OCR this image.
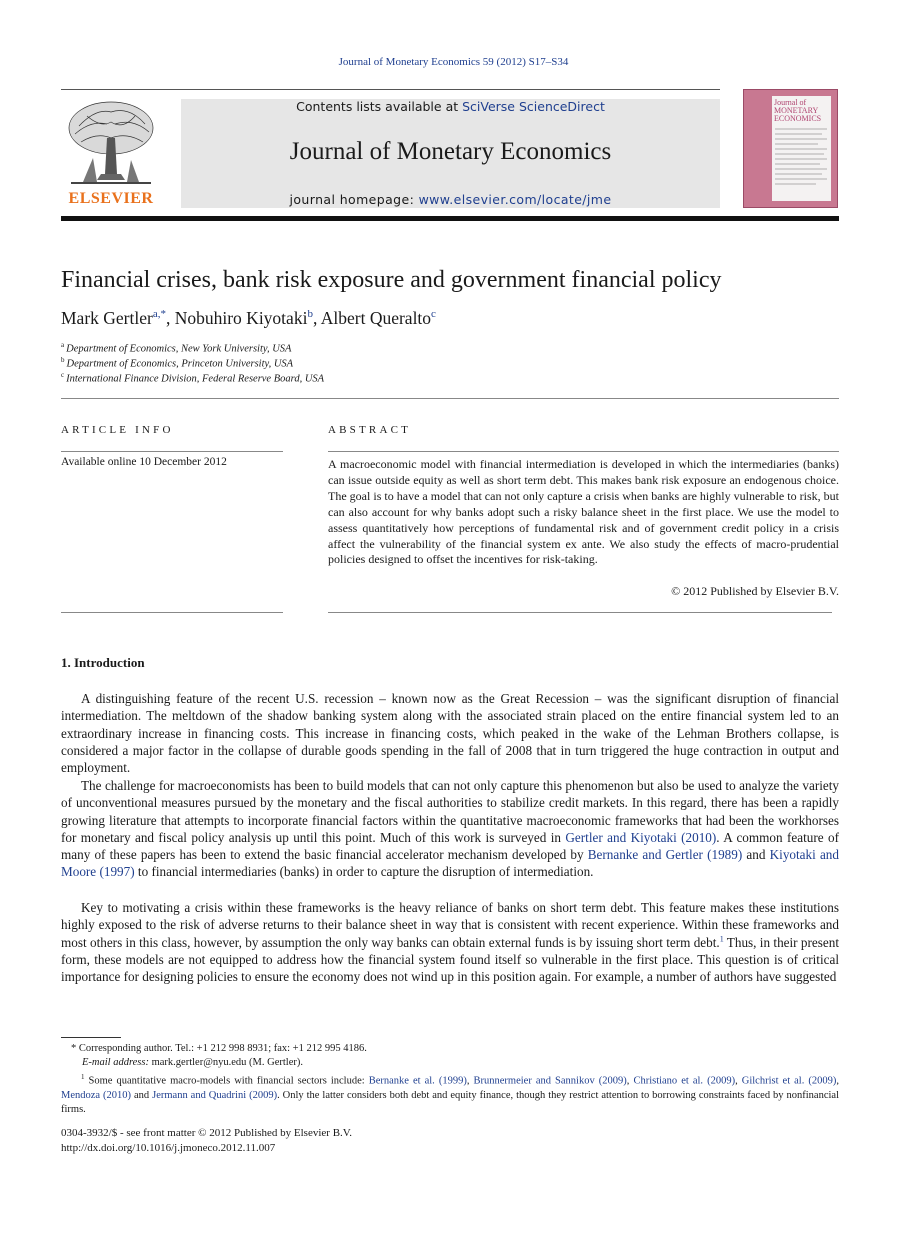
Journal of Monetary Economics 59 (2012) S17–S34
ELSEVIER
Contents lists available at SciVerse ScienceDirect
Journal of Monetary Economics
journal homepage: www.elsevier.com/locate/jme
Journal of
MONETARY
ECONOMICS
Financial crises, bank risk exposure and government financial policy
Mark Gertler$^{a,*}$, Nobuhiro Kiyotaki$^b$, Albert Queralto$^c$
$^a$ Department of Economics, New York University, USA
$^b$ Department of Economics, Princeton University, USA
$^c$ International Finance Division, Federal Reserve Board, USA
ARTICLE INFO	ABSTRACT
Available online 10 December 2012	A macroeconomic model with financial intermediation is developed in which the intermediaries (banks) can issue outside equity as well as short term debt. This makes bank risk exposure an endogenous choice. The goal is to have a model that can not only capture a crisis when banks are highly vulnerable to risk, but can also account for why banks adopt such a risky balance sheet in the first place. We use the model to assess quantitatively how perceptions of fundamental risk and of government credit policy in a crisis affect the vulnerability of the financial system ex ante. We also study the effects of macro-prudential policies designed to offset the incentives for risk-taking.
© 2012 Published by Elsevier B.V.
1. Introduction

A distinguishing feature of the recent U.S. recession – known now as the Great Recession – was the significant disruption of financial intermediation. The meltdown of the shadow banking system along with the associated strain placed on the entire financial system led to an extraordinary increase in financing costs. This increase in financing costs, which peaked in the wake of the Lehman Brothers collapse, is considered a major factor in the collapse of durable goods spending in the fall of 2008 that in turn triggered the huge contraction in output and employment.

The challenge for macroeconomists has been to build models that can not only capture this phenomenon but also be used to analyze the variety of unconventional measures pursued by the monetary and the fiscal authorities to stabilize credit markets. In this regard, there has been a rapidly growing literature that attempts to incorporate financial factors within the quantitative macroeconomic frameworks that had been the workhorses for monetary and fiscal policy analysis up until this point. Much of this work is surveyed in Gertler and Kiyotaki (2010). A common feature of many of these papers has been to extend the basic financial accelerator mechanism developed by Bernanke and Gertler (1989) and Kiyotaki and Moore (1997) to financial intermediaries (banks) in order to capture the disruption of intermediation.

Key to motivating a crisis within these frameworks is the heavy reliance of banks on short term debt. This feature makes these institutions highly exposed to the risk of adverse returns to their balance sheet in way that is consistent with recent experience. Within these frameworks and most others in this class, however, by assumption the only way banks can obtain external funds is by issuing short term debt.$^1$ Thus, in their present form, these models are not equipped to address how the financial system found itself so vulnerable in the first place. This question is of critical importance for designing policies to ensure the economy does not wind up in this position again. For example, a number of authors have suggested

* Corresponding author. Tel.: +1 212 998 8931; fax: +1 212 995 4186.

E-mail address: mark.gertler@nyu.edu (M. Gertler).

$^1$ Some quantitative macro-models with financial sectors include: Bernanke et al. (1999), Brunnermeier and Sannikov (2009), Christiano et al. (2009), Gilchrist et al. (2009), Mendoza (2010) and Jermann and Quadrini (2009). Only the latter considers both debt and equity finance, though they restrict attention to borrowing constraints faced by nonfinancial firms.

0304-3932/$ - see front matter © 2012 Published by Elsevier B.V.
http://dx.doi.org/10.1016/j.jmoneco.2012.11.007
